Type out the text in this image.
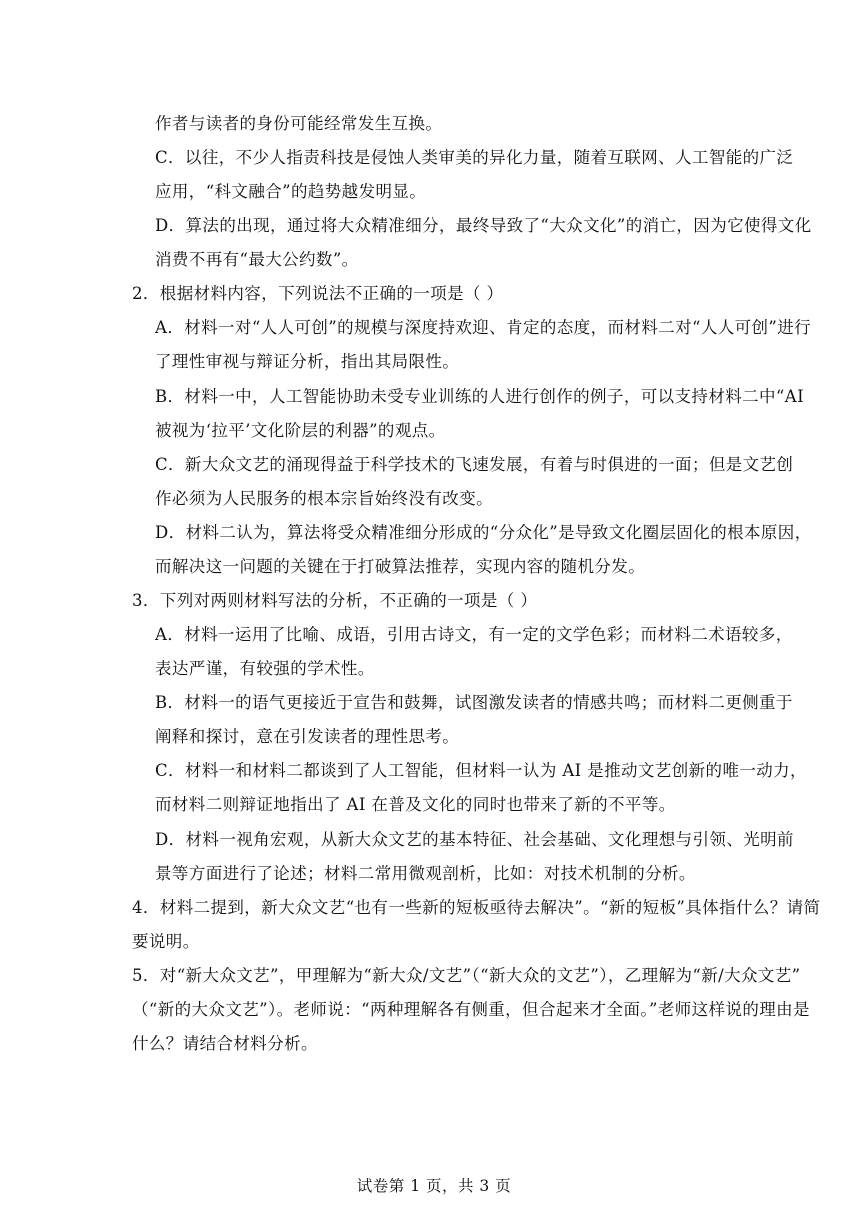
作者与读者的身份可能经常发生互换。
C．以往，不少人指责科技是侵蚀人类审美的异化力量，随着互联网、人工智能的广泛
应用，“科文融合”的趋势越发明显。
D．算法的出现，通过将大众精准细分，最终导致了“大众文化”的消亡，因为它使得文化
消费不再有“最大公约数”。
2．根据材料内容，下列说法不正确的一项是（ ）
A．材料一对“人人可创”的规模与深度持欢迎、肯定的态度，而材料二对“人人可创”进行
了理性审视与辩证分析，指出其局限性。
B．材料一中，人工智能协助未受专业训练的人进行创作的例子，可以支持材料二中“AI
被视为‘拉平’文化阶层的利器”的观点。
C．新大众文艺的涌现得益于科学技术的飞速发展，有着与时俱进的一面；但是文艺创
作必须为人民服务的根本宗旨始终没有改变。
D．材料二认为，算法将受众精准细分形成的“分众化”是导致文化圈层固化的根本原因，
而解决这一问题的关键在于打破算法推荐，实现内容的随机分发。
3．下列对两则材料写法的分析，不正确的一项是（ ）
A．材料一运用了比喻、成语，引用古诗文，有一定的文学色彩；而材料二术语较多，
表达严谨，有较强的学术性。
B．材料一的语气更接近于宣告和鼓舞，试图激发读者的情感共鸣；而材料二更侧重于
阐释和探讨，意在引发读者的理性思考。
C．材料一和材料二都谈到了人工智能，但材料一认为 AI 是推动文艺创新的唯一动力，
而材料二则辩证地指出了 AI 在普及文化的同时也带来了新的不平等。
D．材料一视角宏观，从新大众文艺的基本特征、社会基础、文化理想与引领、光明前
景等方面进行了论述；材料二常用微观剖析，比如：对技术机制的分析。
4．材料二提到，新大众文艺“也有一些新的短板亟待去解决”。“新的短板”具体指什么？请简
要说明。
5．对“新大众文艺”，甲理解为“新大众/文艺”（“新大众的文艺”），乙理解为“新/大众文艺”
（“新的大众文艺”）。老师说：“两种理解各有侧重，但合起来才全面。”老师这样说的理由是
什么？请结合材料分析。
试卷第 1 页，共 3 页
